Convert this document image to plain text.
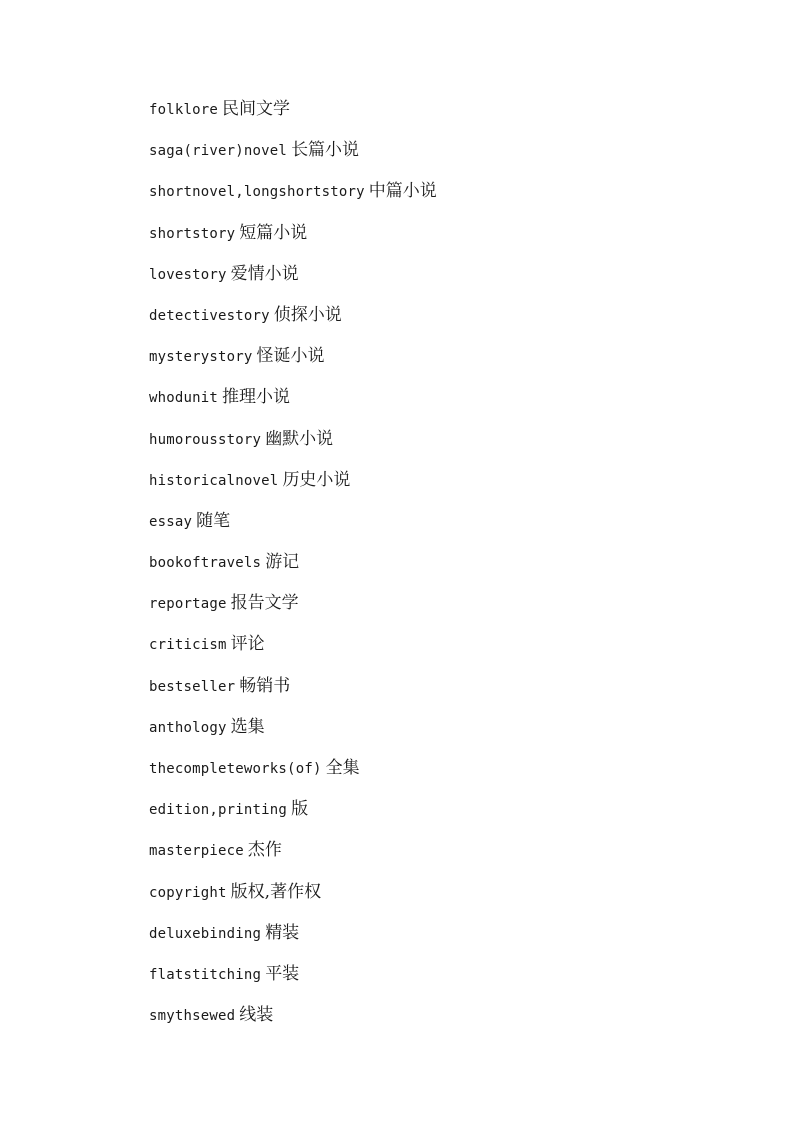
folklore 民间文学
saga(river)novel 长篇小说
shortnovel,longshortstory 中篇小说
shortstory 短篇小说
lovestory 爱情小说
detectivestory 侦探小说
mysterystory 怪诞小说
whodunit 推理小说
humorousstory 幽默小说
historicalnovel 历史小说
essay 随笔
bookoftravels 游记
reportage 报告文学
criticism 评论
bestseller 畅销书
anthology 选集
thecompleteworks(of) 全集
edition,printing 版
masterpiece 杰作
copyright 版权,著作权
deluxebinding 精装
flatstitching 平装
smythsewed 线装
